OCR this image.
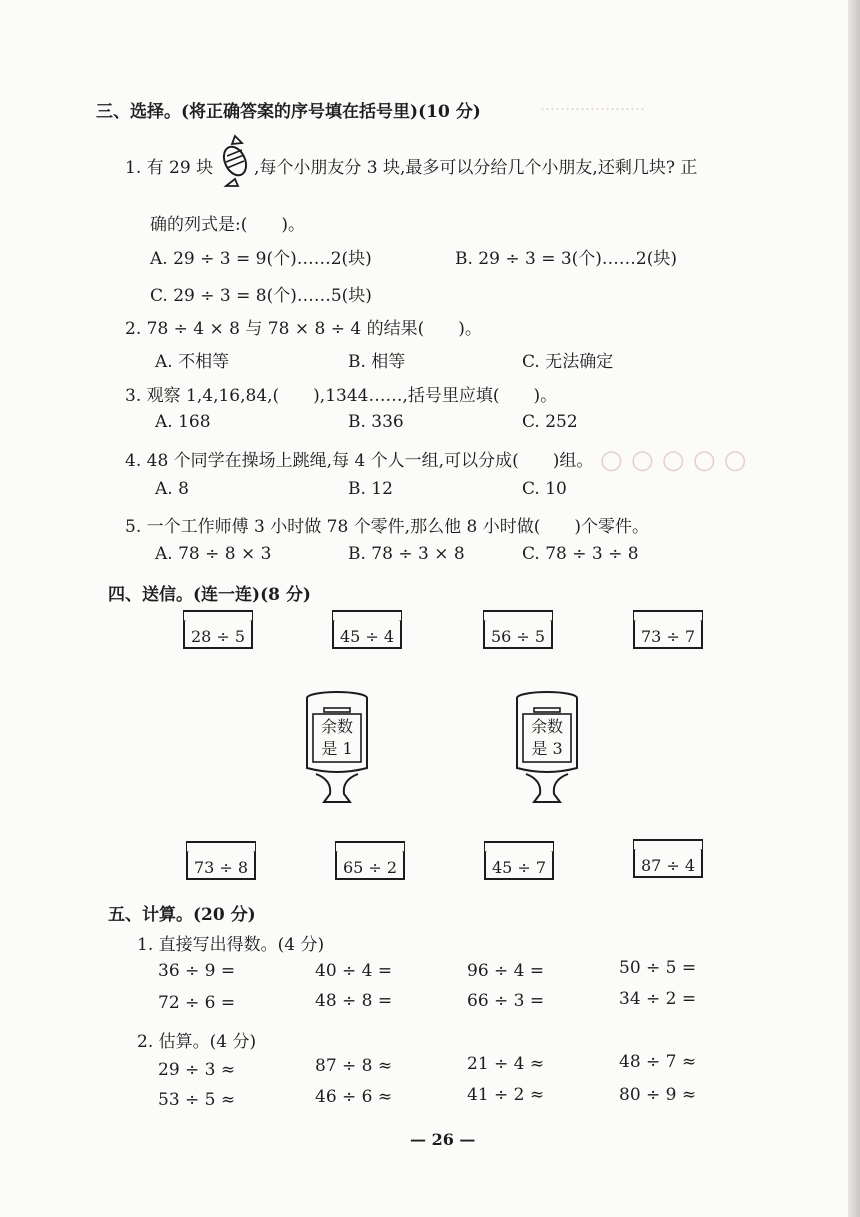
…………………
○ ○ ○ ○ ○
三、选择。(将正确答案的序号填在括号里)(10 分)
1. 有 29 块 ,每个小朋友分 3 块,最多可以分给几个小朋友,还剩几块? 正
确的列式是:(　　)。
A. 29 ÷ 3 = 9(个)……2(块)	B. 29 ÷ 3 = 3(个)……2(块)
C. 29 ÷ 3 = 8(个)……5(块)
2. 78 ÷ 4 × 8 与 78 × 8 ÷ 4 的结果(　　)。
A. 不相等	B. 相等	C. 无法确定
3. 观察 1,4,16,84,(　　),1344……,括号里应填(　　)。
A. 168	B. 336	C. 252
4. 48 个同学在操场上跳绳,每 4 个人一组,可以分成(　　)组。
A. 8	B. 12	C. 10
5. 一个工作师傅 3 小时做 78 个零件,那么他 8 小时做(　　)个零件。
A. 78 ÷ 8 × 3	B. 78 ÷ 3 × 8	C. 78 ÷ 3 ÷ 8
四、送信。(连一连)(8 分)
28 ÷ 5	45 ÷ 4	56 ÷ 5	73 ÷ 7
余数是 1
余数是 3
73 ÷ 8	65 ÷ 2	45 ÷ 7	87 ÷ 4
五、计算。(20 分)
1. 直接写出得数。(4 分)
36 ÷ 9 =	40 ÷ 4 =	96 ÷ 4 =	50 ÷ 5 =
72 ÷ 6 =	48 ÷ 8 =	66 ÷ 3 =	34 ÷ 2 =
2. 估算。(4 分)
29 ÷ 3 ≈	87 ÷ 8 ≈	21 ÷ 4 ≈	48 ÷ 7 ≈
53 ÷ 5 ≈	46 ÷ 6 ≈	41 ÷ 2 ≈	80 ÷ 9 ≈
— 26 —
